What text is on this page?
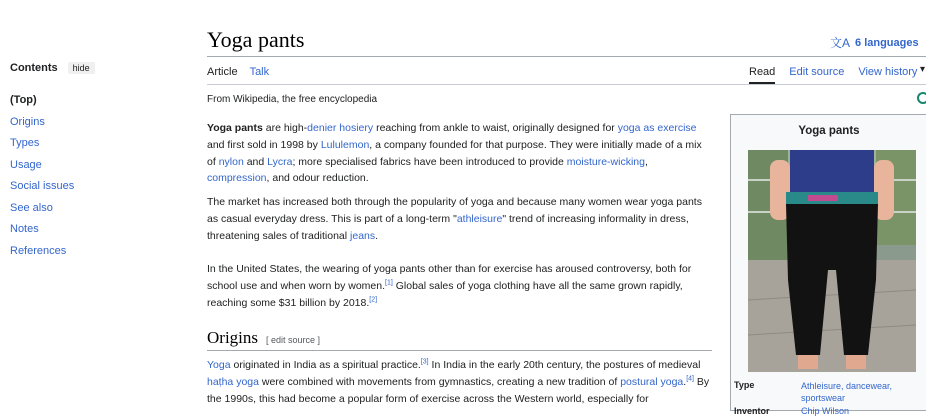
Contents	hide
(Top)
Origins
Types
Usage
Social issues
See also
Notes
References
Yoga pants	文A 6 languages
Article Talk	Read Edit source View history ▾
From Wikipedia, the free encyclopedia

Yoga pants are high-denier hosiery reaching from ankle to waist, originally designed for yoga as exercise and first sold in 1998 by Lululemon, a company founded for that purpose. They were initially made of a mix of nylon and Lycra; more specialised fabrics have been introduced to provide moisture-wicking, compression, and odour reduction.

The market has increased both through the popularity of yoga and because many women wear yoga pants as casual everyday dress. This is part of a long-term "athleisure" trend of increasing informality in dress, threatening sales of traditional jeans.

In the United States, the wearing of yoga pants other than for exercise has aroused controversy, both for school use and when worn by women.[1] Global sales of yoga clothing have all the same grown rapidly, reaching some $31 billion by 2018.[2]

Origins [ edit source ]

Yoga originated in India as a spiritual practice.[3] In India in the early 20th century, the postures of medieval haṭha yoga were combined with movements from gymnastics, creating a new tradition of postural yoga.[4] By the 1990s, this had become a popular form of exercise across the Western world, especially for

Yoga pants
Type	Athleisure, dancewear, sportswear
Inventor	Chip Wilson
